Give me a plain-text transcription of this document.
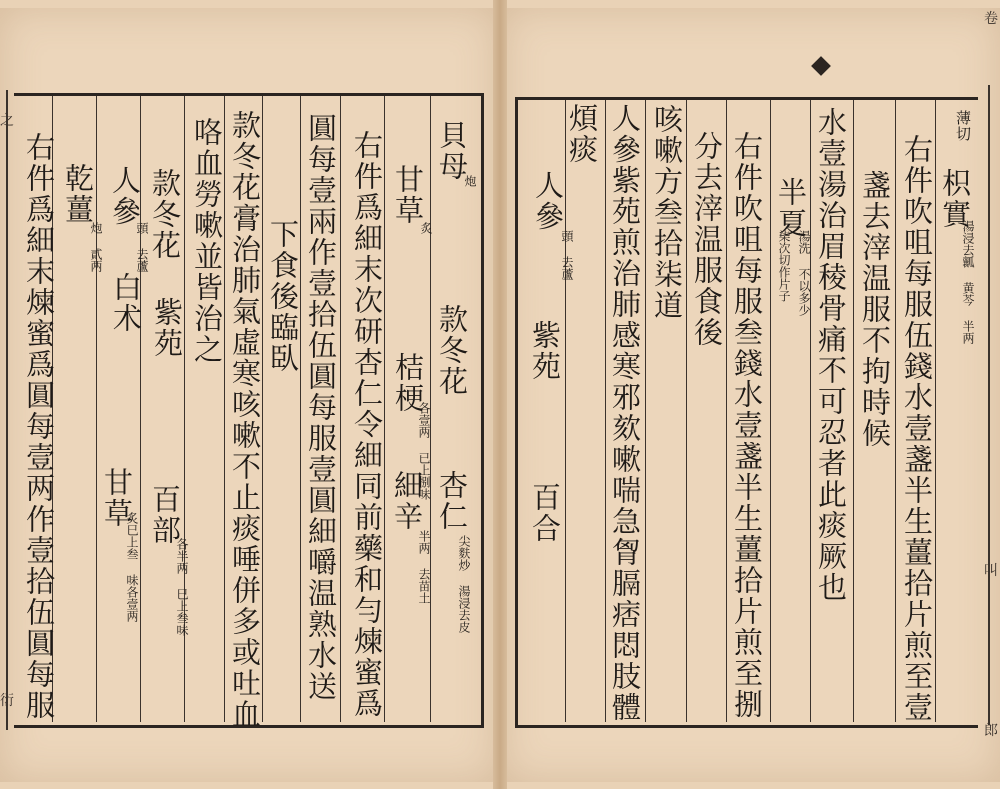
右件爲細末煉蜜爲圓每壹两作壹拾伍圓每服 乾薑
炮 貳两
人參
頭 去蘆
白术
甘草
炙巳上叁 味各壹两
款冬花
紫苑
百部
各半两 巳上叁味
咯血勞嗽並皆治之 款冬花膏治肺氣虛寒咳嗽不止痰唾併多或吐血 下食後臨臥 圓每壹兩作壹拾伍圓每服壹圓細嚼温熟水送 右件爲細末次研杏仁令細同前藥和勻煉蜜爲 甘草
炙
桔梗
各壹两 已上捌味
細辛
半两 去苗土
貝母
炮
款冬花
杏仁
尖麩炒 湯浸去皮
煩痰
人參
頭 去蘆
紫苑
百合 人參紫苑煎治肺感寒邪欬嗽喘急胷膈痞悶肢體 咳嗽方叁拾柒道 分去滓温服食後 右件吹咀每服叁錢水壹盞半生薑拾片煎至捌 半夏
湯洗 不以多少
柒次切作片子 水壹湯治眉稜骨痛不可忍者此痰厥也 盞去滓温服不拘時候 右件吹咀每服伍錢水壹盞半生薑拾片煎至壹 枳實
湯浸去瓤 黄芩 半两
薄切
之
衍
卷
叫
郎
